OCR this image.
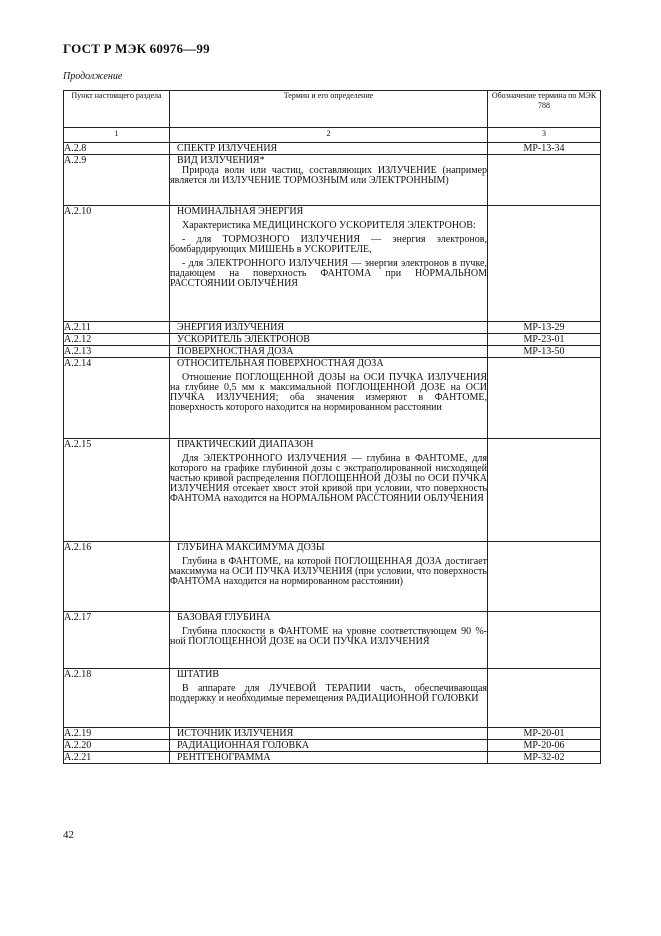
ГОСТ Р МЭК 60976—99
Продолжение
Пункт настоящего раздела	Термин и его определение	Обозначение термина по МЭК 788
1	2	3
А.2.8	СПЕКТР ИЗЛУЧЕНИЯ	MP-13-34
А.2.9	ВИД ИЗЛУЧЕНИЯ*
Природа волн или частиц, составляющих ИЗЛУЧЕНИЕ (например является ли ИЗЛУЧЕНИЕ ТОРМОЗНЫМ или ЭЛЕКТРОННЫМ)	

А.2.10	НОМИНАЛЬНАЯ ЭНЕРГИЯ
Характеристика МЕДИЦИНСКОГО УСКОРИТЕЛЯ ЭЛЕКТРОНОВ:
- для ТОРМОЗНОГО ИЗЛУЧЕНИЯ — энергия электронов, бомбардирующих МИШЕНЬ в УСКОРИТЕЛЕ,
- для ЭЛЕКТРОННОГО ИЗЛУЧЕНИЯ — энергия электронов в пучке, падающем на поверхность ФАНТОМА при НОРМАЛЬНОМ РАССТОЯНИИ ОБЛУЧЕНИЯ	

А.2.11	ЭНЕРГИЯ ИЗЛУЧЕНИЯ	MP-13-29
А.2.12	УСКОРИТЕЛЬ ЭЛЕКТРОНОВ	MP-23-01
А.2.13	ПОВЕРХНОСТНАЯ ДОЗА	MP-13-50
А.2.14	ОТНОСИТЕЛЬНАЯ ПОВЕРХНОСТНАЯ ДОЗА
Отношение ПОГЛОЩЕННОЙ ДОЗЫ на ОСИ ПУЧКА ИЗЛУЧЕНИЯ на глубине 0,5 мм к максимальной ПОГЛОЩЕННОЙ ДОЗЕ на ОСИ ПУЧКА ИЗЛУЧЕНИЯ; оба значения измеряют в ФАНТОМЕ, поверхность которого находится на нормированном расстоянии	

А.2.15	ПРАКТИЧЕСКИЙ ДИАПАЗОН
Для ЭЛЕКТРОННОГО ИЗЛУЧЕНИЯ — глубина в ФАНТОМЕ, для которого на графике глубинной дозы с экстраполированной нисходящей частью кривой распределения ПОГЛОЩЕННОЙ ДОЗЫ по ОСИ ПУЧКА ИЗЛУЧЕНИЯ отсекает хвост этой кривой при условии, что поверхность ФАНТОМА находится на НОРМАЛЬНОМ РАССТОЯНИИ ОБЛУЧЕНИЯ	

А.2.16	ГЛУБИНА МАКСИМУМА ДОЗЫ
Глубина в ФАНТОМЕ, на которой ПОГЛОЩЕННАЯ ДОЗА достигает максимума на ОСИ ПУЧКА ИЗЛУЧЕНИЯ (при условии, что поверхность ФАНТОМА находится на нормированном расстоянии)	

А.2.17	БАЗОВАЯ ГЛУБИНА
Глубина плоскости в ФАНТОМЕ на уровне соответствующем 90 %-ной ПОГЛОЩЕННОЙ ДОЗЕ на ОСИ ПУЧКА ИЗЛУЧЕНИЯ	

А.2.18	ШТАТИВ
В аппарате для ЛУЧЕВОЙ ТЕРАПИИ часть, обеспечивающая поддержку и необходимые перемещения РАДИАЦИОННОЙ ГОЛОВКИ	

А.2.19	ИСТОЧНИК ИЗЛУЧЕНИЯ	MP-20-01
А.2.20	РАДИАЦИОННАЯ ГОЛОВКА	MP-20-06
А.2.21	РЕНТГЕНОГРАММА	MP-32-02
42
